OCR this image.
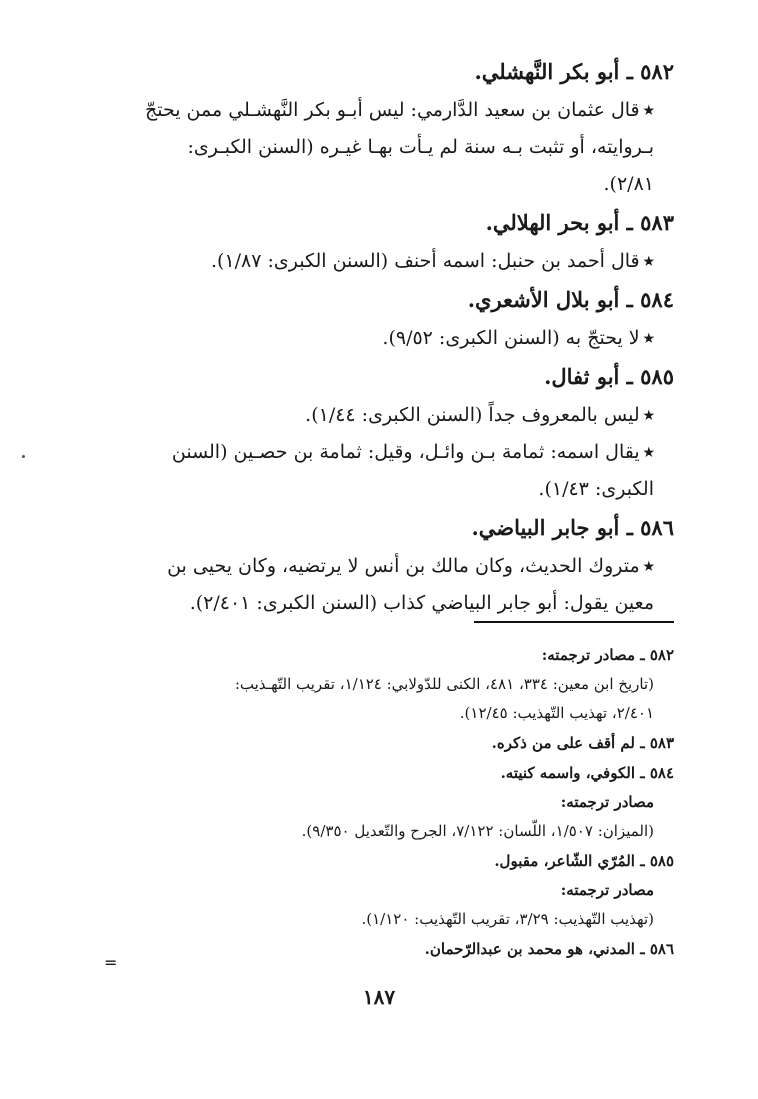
٥٨٢ ـ أبو بكر النَّهشلي.

٭قال عثمان بن سعيد الدَّارمي: ليس أبـو بكر النَّهشـلي ممن يحتجّ

بـروايته، أو تثبت بـه سنة لم يـأت بهـا غيـره (السنن الكبـرى:

٢/٨١).

٥٨٣ ـ أبو بحر الهلالي.

٭قال أحمد بن حنبل: اسمه أحنف (السنن الكبرى: ١/٨٧).

٥٨٤ ـ أبو بلال الأشعري.

٭لا يحتجّ به (السنن الكبرى: ٩/٥٢).

٥٨٥ ـ أبو ثفال.

٭ليس بالمعروف جداً (السنن الكبرى: ١/٤٤).

٭يقال اسمه: ثمامة بـن وائـل، وقيل: ثمامة بن حصـين (السنن

الكبرى: ١/٤٣).

٥٨٦ ـ أبو جابر البياضي.

٭متروك الحديث، وكان مالك بن أنس لا يرتضيه، وكان يحيى بن

معين يقول: أبو جابر البياضي كذاب (السنن الكبرى: ٢/٤٠١).

٥٨٢ ـ مصادر ترجمته:

(تاريخ ابن معين: ٣٣٤، ٤٨١، الكنى للدّولابي: ١/١٢٤، تقريب التّهـذيب:

٢/٤٠١، تهذيب التّهذيب: ١٢/٤٥).

٥٨٣ ـ لم أقف على من ذكره.

٥٨٤ ـ الكوفي، واسمه كنيته.

مصادر ترجمته:

(الميزان: ١/٥٠٧، اللّسان: ٧/١٢٢، الجرح والتّعديل ٩/٣٥٠).

٥٨٥ ـ المُرّي الشّاعر، مقبول.

مصادر ترجمته:

(تهذيب التّهذيب: ٣/٢٩، تقريب التّهذيب: ١/١٢٠).

٥٨٦ ـ المدني، هو محمد بن عبدالرّحمان.

=
١٨٧
